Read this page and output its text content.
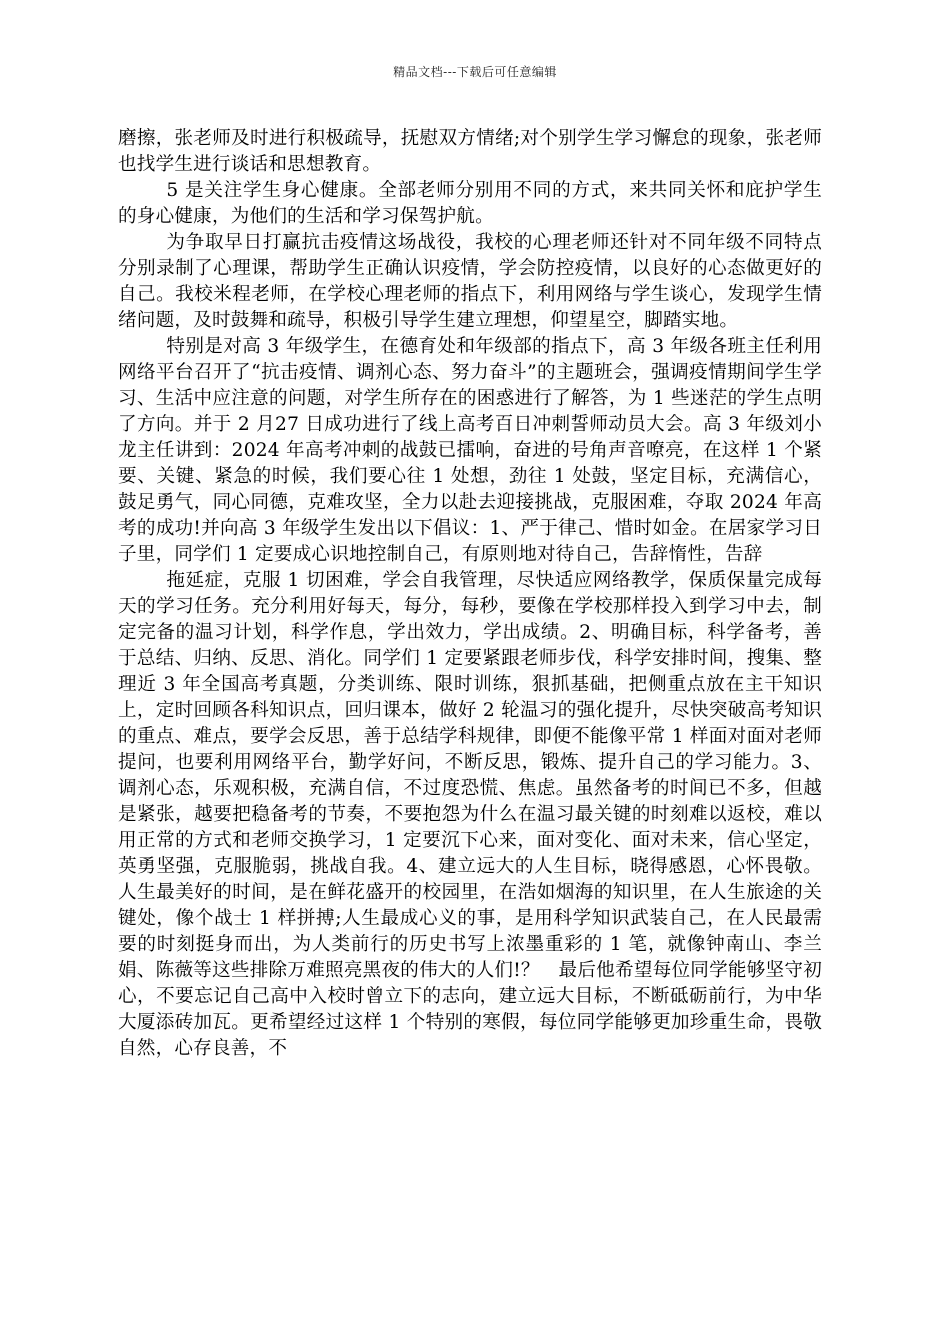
精品文档---下载后可任意编辑

磨擦，张老师及时进行积极疏导，抚慰双方情绪;对个别学生学习懈怠的现象，张老师也找学生进行谈话和思想教育。

5 是关注学生身心健康。全部老师分别用不同的方式，来共同关怀和庇护学生的身心健康，为他们的生活和学习保驾护航。

为争取早日打赢抗击疫情这场战役，我校的心理老师还针对不同年级不同特点分别录制了心理课，帮助学生正确认识疫情，学会防控疫情，以良好的心态做更好的自己。我校米程老师，在学校心理老师的指点下，利用网络与学生谈心，发现学生情绪问题，及时鼓舞和疏导，积极引导学生建立理想，仰望星空，脚踏实地。

特别是对高 3 年级学生，在德育处和年级部的指点下，高 3 年级各班主任利用网络平台召开了“抗击疫情、调剂心态、努力奋斗”的主题班会，强调疫情期间学生学习、生活中应注意的问题，对学生所存在的困惑进行了解答，为 1 些迷茫的学生点明了方向。并于 2 月27 日成功进行了线上高考百日冲刺誓师动员大会。高 3 年级刘小龙主任讲到：2024 年高考冲刺的战鼓已擂响，奋进的号角声音嘹亮，在这样 1 个紧要、关键、紧急的时候，我们要心往 1 处想，劲往 1 处鼓，坚定目标，充满信心，鼓足勇气，同心同德，克难攻坚，全力以赴去迎接挑战，克服困难，夺取 2024 年高考的成功!并向高 3 年级学生发出以下倡议：1、严于律己、惜时如金。在居家学习日子里，同学们 1 定要成心识地控制自己，有原则地对待自己，告辞惰性，告辞

拖延症，克服 1 切困难，学会自我管理，尽快适应网络教学，保质保量完成每天的学习任务。充分利用好每天，每分，每秒，要像在学校那样投入到学习中去，制定完备的温习计划，科学作息，学出效力，学出成绩。2、明确目标，科学备考，善于总结、归纳、反思、消化。同学们 1 定要紧跟老师步伐，科学安排时间，搜集、整理近 3 年全国高考真题，分类训练、限时训练，狠抓基础，把侧重点放在主干知识上，定时回顾各科知识点，回归课本，做好 2 轮温习的强化提升，尽快突破高考知识的重点、难点，要学会反思，善于总结学科规律，即便不能像平常 1 样面对面对老师提问，也要利用网络平台，勤学好问，不断反思，锻炼、提升自己的学习能力。3、调剂心态，乐观积极，充满自信，不过度恐慌、焦虑。虽然备考的时间已不多，但越是紧张，越要把稳备考的节奏，不要抱怨为什么在温习最关键的时刻难以返校，难以用正常的方式和老师交换学习，1 定要沉下心来，面对变化、面对未来，信心坚定，英勇坚强，克服脆弱，挑战自我。4、建立远大的人生目标，晓得感恩，心怀畏敬。人生最美好的时间，是在鲜花盛开的校园里，在浩如烟海的知识里，在人生旅途的关键处，像个战士 1 样拼搏;人生最成心义的事，是用科学知识武装自己，在人民最需要的时刻挺身而出，为人类前行的历史书写上浓墨重彩的 1 笔，就像钟南山、李兰娟、陈薇等这些排除万难照亮黑夜的伟大的人们!？　最后他希望每位同学能够坚守初心，不要忘记自己高中入校时曾立下的志向，建立远大目标，不断砥砺前行，为中华大厦添砖加瓦。更希望经过这样 1 个特别的寒假，每位同学能够更加珍重生命，畏敬自然，心存良善，不
